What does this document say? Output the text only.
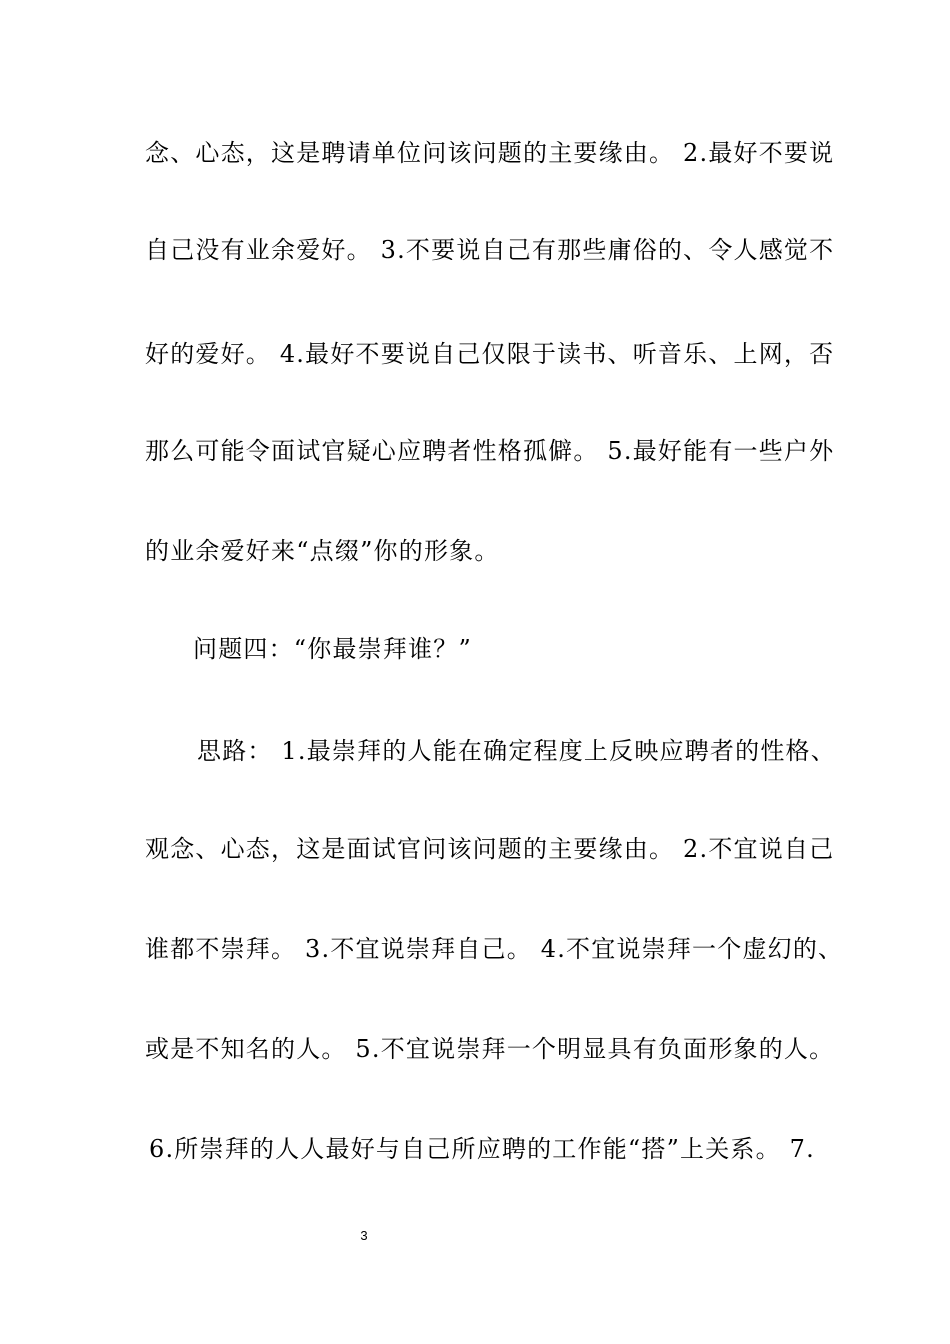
念、心态，这是聘请单位问该问题的主要缘由。 2.最好不要说
自己没有业余爱好。 3.不要说自己有那些庸俗的、令人感觉不
好的爱好。 4.最好不要说自己仅限于读书、听音乐、上网，否
那么可能令面试官疑心应聘者性格孤僻。 5.最好能有一些户外
的业余爱好来“点缀”你的形象。
问题四：“你最崇拜谁？”
思路： 1.最崇拜的人能在确定程度上反映应聘者的性格、
观念、心态，这是面试官问该问题的主要缘由。 2.不宜说自己
谁都不崇拜。 3.不宜说崇拜自己。 4.不宜说崇拜一个虚幻的、
或是不知名的人。 5.不宜说崇拜一个明显具有负面形象的人。
6.所崇拜的人人最好与自己所应聘的工作能“搭”上关系。 7.
3
